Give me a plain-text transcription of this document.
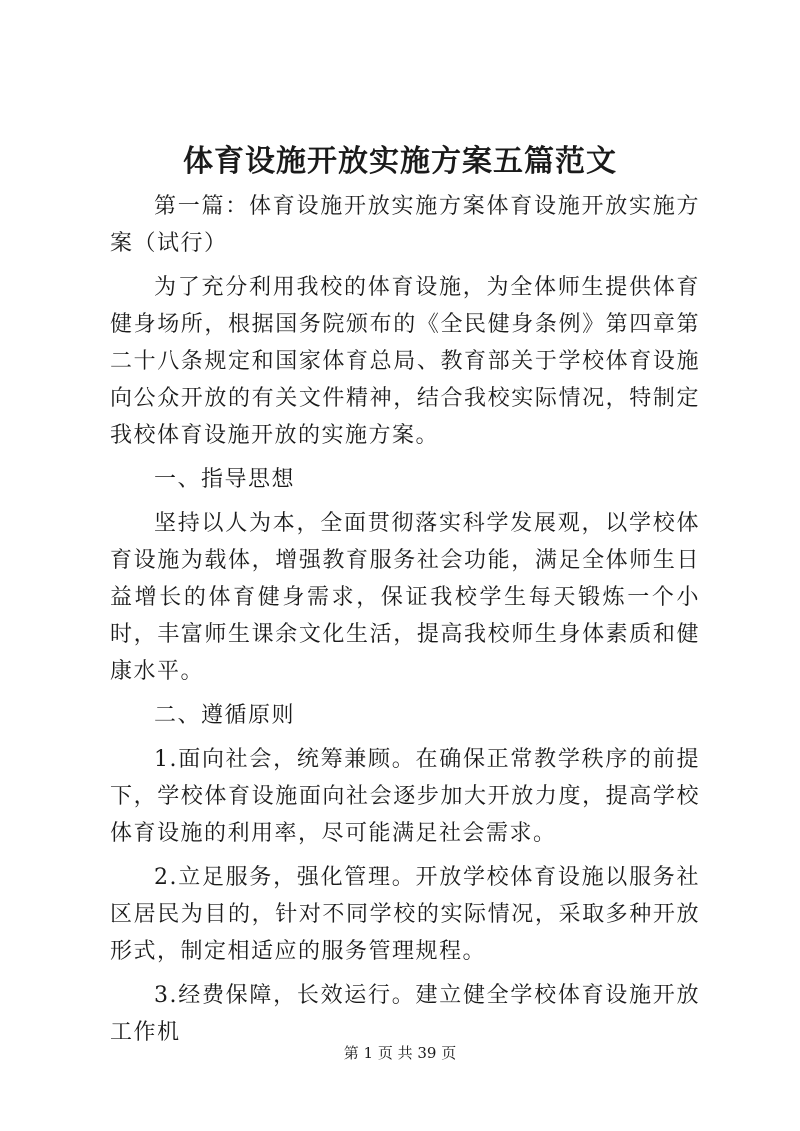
体育设施开放实施方案五篇范文

第一篇：体育设施开放实施方案体育设施开放实施方案（试行）

为了充分利用我校的体育设施，为全体师生提供体育健身场所，根据国务院颁布的《全民健身条例》第四章第二十八条规定和国家体育总局、教育部关于学校体育设施向公众开放的有关文件精神，结合我校实际情况，特制定我校体育设施开放的实施方案。

一、指导思想

坚持以人为本，全面贯彻落实科学发展观，以学校体育设施为载体，增强教育服务社会功能，满足全体师生日益增长的体育健身需求，保证我校学生每天锻炼一个小时，丰富师生课余文化生活，提高我校师生身体素质和健康水平。

二、遵循原则

1.面向社会，统筹兼顾。在确保正常教学秩序的前提下，学校体育设施面向社会逐步加大开放力度，提高学校体育设施的利用率，尽可能满足社会需求。

2.立足服务，强化管理。开放学校体育设施以服务社区居民为目的，针对不同学校的实际情况，采取多种开放形式，制定相适应的服务管理规程。

3.经费保障，长效运行。建立健全学校体育设施开放工作机

第 1 页 共 39 页
